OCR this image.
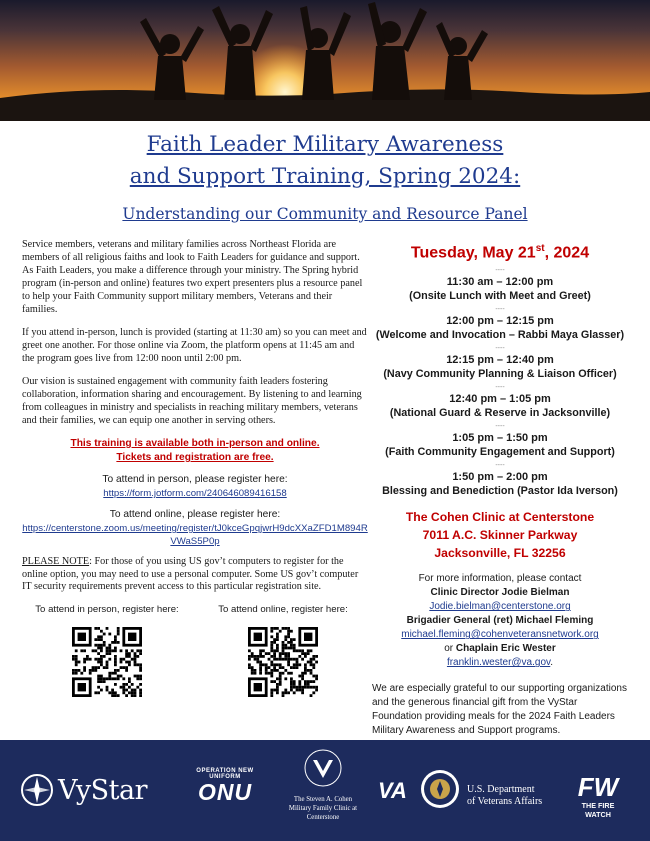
Faith Leader Military Awareness
and Support Training, Spring 2024:
Understanding our Community and Resource Panel

Service members, veterans and military families across Northeast Florida are members of all religious faiths and look to Faith Leaders for guidance and support. As Faith Leaders, you make a difference through your ministry. The Spring hybrid program (in-person and online) features two expert presenters plus a resource panel to help your Faith Community support military members, Veterans and their families.

If you attend in-person, lunch is provided (starting at 11:30 am) so you can meet and greet one another. For those online via Zoom, the platform opens at 11:45 am and the program goes live from 12:00 noon until 2:00 pm.

Our vision is sustained engagement with community faith leaders fostering collaboration, information sharing and encouragement. By listening to and learning from colleagues in ministry and specialists in reaching military members, veterans and their families, we can equip one another in serving others.

This training is available both in-person and online.
Tickets and registration are free.
To attend in person, please register here:
https://form.jotform.com/240646089416158
To attend online, please register here:
https://centerstone.zoom.us/meeting/register/tJ0kceGpqjwrH9dcXXaZFD1M894RVWaS5P0p
PLEASE NOTE: For those of you using US gov’t computers to register for the online option, you may need to use a personal computer. Some US gov’t computer IT security requirements prevent access to this particular registration site.
To attend in person, register here:	To attend online, register here:
Tuesday, May 21st, 2024
----
11:30 am – 12:00 pm
(Onsite Lunch with Meet and Greet)
----
12:00 pm – 12:15 pm
(Welcome and Invocation – Rabbi Maya Glasser)
----
12:15 pm – 12:40 pm
(Navy Community Planning & Liaison Officer)
----
12:40 pm – 1:05 pm
(National Guard & Reserve in Jacksonville)
----
1:05 pm – 1:50 pm
(Faith Community Engagement and Support)
----
1:50 pm – 2:00 pm
Blessing and Benediction (Pastor Ida Iverson)
The Cohen Clinic at Centerstone
7011 A.C. Skinner Parkway
Jacksonville, FL 32256
For more information, please contact
Clinic Director Jodie Bielman
Jodie.bielman@centerstone.org
Brigadier General (ret) Michael Fleming
michael.fleming@cohenveteransnetwork.org
or Chaplain Eric Wester
franklin.wester@va.gov.
We are especially grateful to our supporting organizations and the generous financial gift from the VyStar Foundation providing meals for the 2024 Faith Leaders Military Awareness and Support programs.
VyStar
OPERATION NEW UNIFORM
ONU	The Steven A. Cohen Military Family Clinic at Centerstone
VA	U.S. Department
of Veterans Affairs	FW
THE FIRE WATCH
